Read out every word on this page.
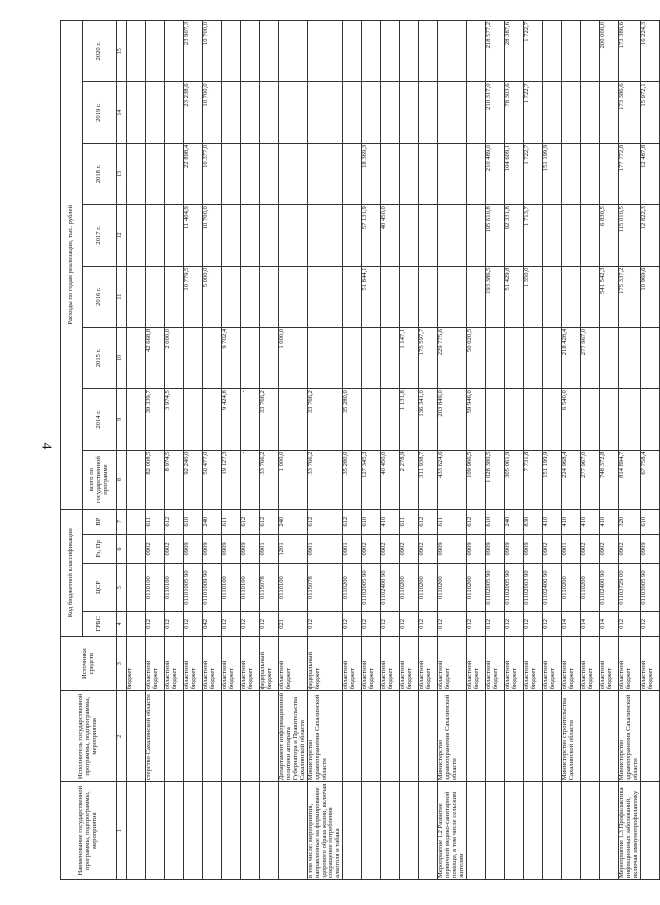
4
Наименование государственной программы, подпрограммы, мероприятия	Исполнитель государственной программы, подпрограммы, мероприятия	Источники средств	Код бюджетной классификации				Расходы по годам реализации, тыс. рублей							
			ГРБС	ЦСР	Рз, Пр	ВР	всего по государственной программе	2014 г.	2015 г.	2016 г.	2017 г.	2018 г.	2019 г.	2020 г.
1	2	3	4	5	6	7	8	9	10	11	12	13	14	15
		бюджет												
	стерство Сахалинской области	областной бюджет	012	0110100	0902	611	82 008,5	39 339,7	42 668,8					
		областной бюджет	012	0110100	0902	612	8 974,5	3 974,5	2 000,0					
		областной бюджет	012	01101005 90	0909	610	92 240,0			10 779,5	11 404,9	22 898,4	23 238,6	23 907,3
		областной бюджет	042	01101009 90	0909	240	50 477,0			5 000,0	10 700,0	10 377,0	10 700,0	10 700,0
		областной бюджет	012	0110100	0909	611	19 127,3	9 424,8	9 702,4					
		областной бюджет	012	0110100	0909	612	-	-						
		федеральный бюджет	012	0115078	0901	612	33 766,2	33 766,2						
	Департамент информационной политики аппарата Губернатора и Правительства Сахалинской области	областной бюджет	021	0110100	1201	240	1 000,0		1 000,0					
в том числе: мероприятия, направленные на формирование здорового образа жизни, включая сокращение потребления алкоголя и табака	Министерство здравоохранения Сахалинской области	федеральный бюджет	012	0115078	0901	612	33 766,2	33 766,2						
		областной бюджет	012	0110200	0901	612	35 280,0	35 280,0						
		областной бюджет	012	01102005 90	0902	610	127 345,3			51 844,1	57 131,9	18 369,3		
		областной бюджет	012	01102400 90	0902	410	40 450,0				40 450,0			
		областной бюджет	012	0110200	0902	611	2 278,9	1 131,8	1 147,1					
		областной бюджет	012	0110200	0902	612	311 938,7	136 341,0	175 597,7					
Мероприятие 1.2 Развитие первичной медико-санитарной помощи, в том числе сельским жителям	Министерство здравоохранения Сахалинской области	областной бюджет	012	0110200	0909	611	433 624,6	203 849,0	229 775,6					
		областной бюджет	012	0110200	0909	612	109 966,5	59 946,0	50 020,5					
		областной бюджет	012	01102005 90	0909	610	1 028 380,5			193 386,5	195 610,8	210 489,0	210 317,0	218 577,2
		областной бюджет	012	01102005 90	0909	240	305 061,9			51 429,8	92 331,8	104 609,1	78 303,6	28 387,6
		областной бюджет	012	01102003 90	0909	830	7 731,8			1 350,0	1 713,7	1 722,7	1 722,7	1 722,7
		областной бюджет	012	01102400 90	0902	410	151 199,9					151 199,9		
	Министерство строительства Сахалинской области	областной бюджет	014	0110200	0901	410	224 968,4	6 540,0	218 428,4					
		областной бюджет	014	0110200	0902	410	277 967,0		277 967,0					
		областной бюджет	014	01102400 90	0902	410	748 372,8			541 542,3	6 830,5			200 000,0
Мероприятие 1.3 Профилактика инфекционных заболеваний, включая иммунопрофилактику	Министерство здравоохранения Сахалинской области	областной бюджет	012	01103729 00	0902	320	814 894,7			175 337,2	115 010,5	177 772,8	173 386,6	173 386,6
		областной бюджет	012	01103005 90	0909	610	67 758,4			10 969,6	12 822,3	12 487,8	15 972,1	16 224,3
